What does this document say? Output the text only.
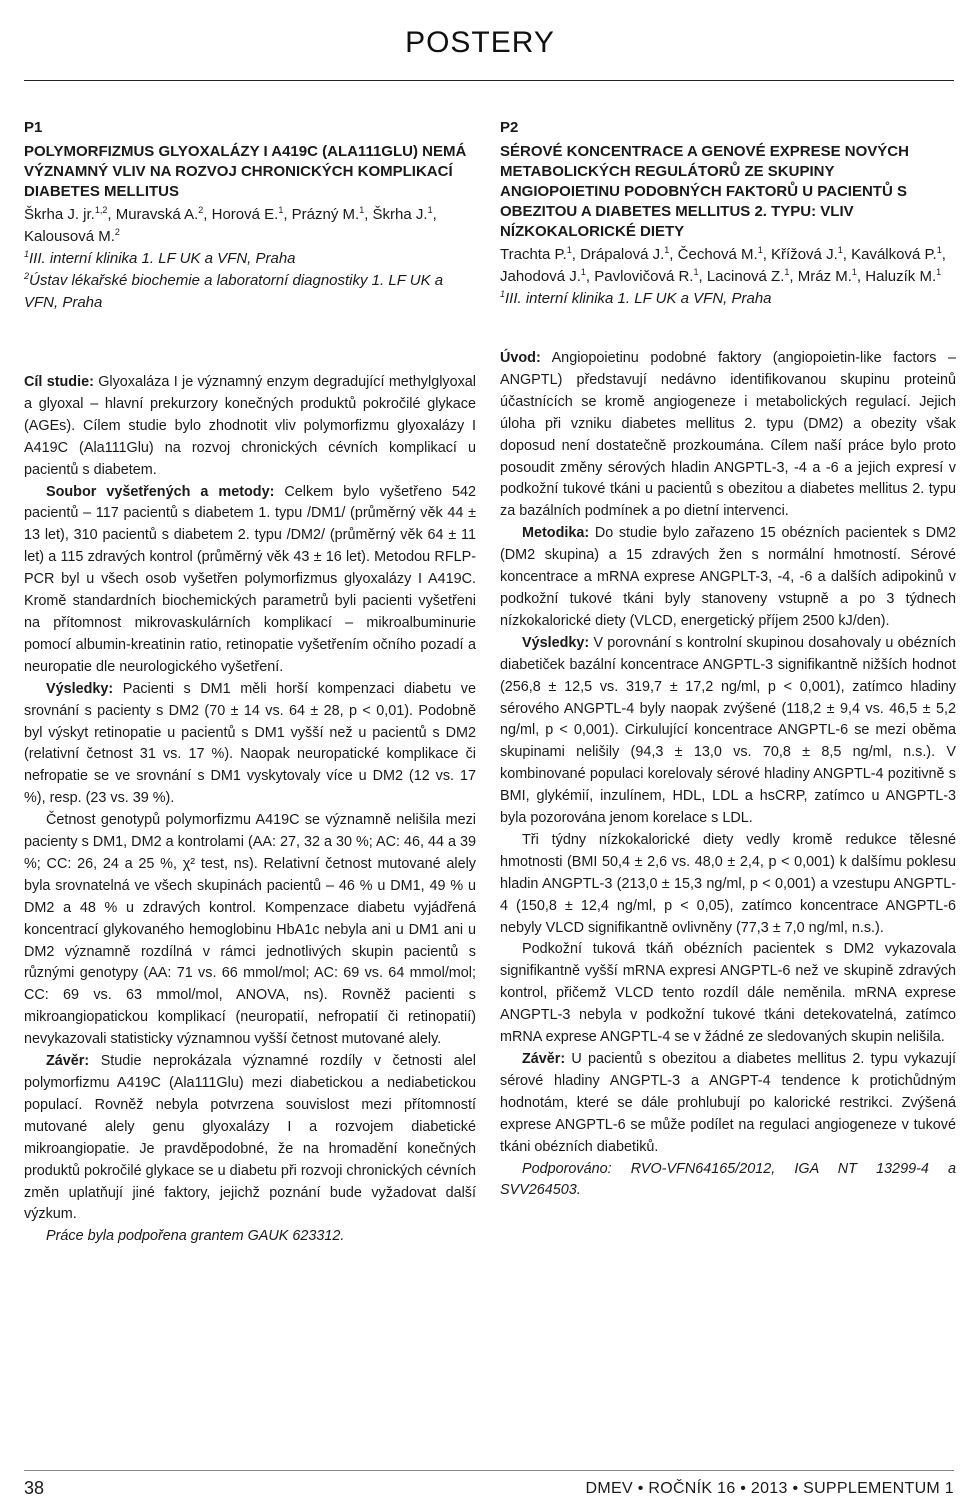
POSTERY
P1
POLYMORFIZMUS GLYOXALÁZY I A419C (ALA111GLU) NEMÁ VÝZNAMNÝ VLIV NA ROZVOJ CHRONICKÝCH KOMPLIKACÍ DIABETES MELLITUS
Škrha J. jr.$^{1,2}$, Muravská A.$^2$, Horová E.$^1$, Prázný M.$^1$, Škrha J.$^1$, Kalousová M.$^2$
$^1$III. interní klinika 1. LF UK a VFN, Praha
$^2$Ústav lékařské biochemie a laboratorní diagnostiky 1. LF UK a VFN, Praha
P2
SÉROVÉ KONCENTRACE A GENOVÉ EXPRESE NOVÝCH METABOLICKÝCH REGULÁTORŮ ZE SKUPINY ANGIOPOIETINU PODOBNÝCH FAKTORŮ U PACIENTŮ S OBEZITOU A DIABETES MELLITUS 2. TYPU: VLIV NÍZKOKALORICKÉ DIETY
Trachta P.$^1$, Drápalová J.$^1$, Čechová M.$^1$, Křížová J.$^1$, Kaválková P.$^1$, Jahodová J.$^1$, Pavlovičová R.$^1$, Lacinová Z.$^1$, Mráz M.$^1$, Haluzík M.$^1$
$^1$III. interní klinika 1. LF UK a VFN, Praha

Cíl studie: Glyoxaláza I je významný enzym degradující methylglyoxal a glyoxal – hlavní prekurzory konečných produktů pokročilé glykace (AGEs). Cílem studie bylo zhodnotit vliv polymorfizmu glyoxalázy I A419C (Ala111Glu) na rozvoj chronických cévních komplikací u pacientů s diabetem.

Soubor vyšetřených a metody: Celkem bylo vyšetřeno 542 pacientů – 117 pacientů s diabetem 1. typu /DM1/ (průměrný věk 44 ± 13 let), 310 pacientů s diabetem 2. typu /DM2/ (průměrný věk 64 ± 11 let) a 115 zdravých kontrol (průměrný věk 43 ± 16 let). Metodou RFLP-PCR byl u všech osob vyšetřen polymorfizmus glyoxalázy I A419C. Kromě standardních biochemických parametrů byli pacienti vyšetřeni na přítomnost mikrovaskulárních komplikací – mikroalbuminurie pomocí albumin-kreatinin ratio, retinopatie vyšetřením očního pozadí a neuropatie dle neurologického vyšetření.

Výsledky: Pacienti s DM1 měli horší kompenzaci diabetu ve srovnání s pacienty s DM2 (70 ± 14 vs. 64 ± 28, p < 0,01). Podobně byl výskyt retinopatie u pacientů s DM1 vyšší než u pacientů s DM2 (relativní četnost 31 vs. 17 %). Naopak neuropatické komplikace či nefropatie se ve srovnání s DM1 vyskytovaly více u DM2 (12 vs. 17 %), resp. (23 vs. 39 %).

Četnost genotypů polymorfizmu A419C se významně nelišila mezi pacienty s DM1, DM2 a kontrolami (AA: 27, 32 a 30 %; AC: 46, 44 a 39 %; CC: 26, 24 a 25 %, χ² test, ns). Relativní četnost mutované alely byla srovnatelná ve všech skupinách pacientů – 46 % u DM1, 49 % u DM2 a 48 % u zdravých kontrol. Kompenzace diabetu vyjádřená koncentrací glykovaného hemoglobinu HbA1c nebyla ani u DM1 ani u DM2 významně rozdílná v rámci jednotlivých skupin pacientů s různými genotypy (AA: 71 vs. 66 mmol/mol; AC: 69 vs. 64 mmol/mol; CC: 69 vs. 63 mmol/mol, ANOVA, ns). Rovněž pacienti s mikroangiopatickou komplikací (neuropatií, nefropatií či retinopatií) nevykazovali statisticky významnou vyšší četnost mutované alely.

Závěr: Studie neprokázala významné rozdíly v četnosti alel polymorfizmu A419C (Ala111Glu) mezi diabetickou a nediabetickou populací. Rovněž nebyla potvrzena souvislost mezi přítomností mutované alely genu glyoxalázy I a rozvojem diabetické mikroangiopatie. Je pravděpodobné, že na hromadění konečných produktů pokročilé glykace se u diabetu při rozvoji chronických cévních změn uplatňují jiné faktory, jejichž poznání bude vyžadovat další výzkum.

Práce byla podpořena grantem GAUK 623312.

Úvod: Angiopoietinu podobné faktory (angiopoietin-like factors – ANGPTL) představují nedávno identifikovanou skupinu proteinů účastnících se kromě angiogeneze i metabolických regulací. Jejich úloha při vzniku diabetes mellitus 2. typu (DM2) a obezity však doposud není dostatečně prozkoumána. Cílem naší práce bylo proto posoudit změny sérových hladin ANGPTL-3, -4 a -6 a jejich expresí v podkožní tukové tkáni u pacientů s obezitou a diabetes mellitus 2. typu za bazálních podmínek a po dietní intervenci.

Metodika: Do studie bylo zařazeno 15 obézních pacientek s DM2 (DM2 skupina) a 15 zdravých žen s normální hmotností. Sérové koncentrace a mRNA exprese ANGPLT-3, -4, -6 a dalších adipokinů v podkožní tukové tkáni byly stanoveny vstupně a po 3 týdnech nízkokalorické diety (VLCD, energetický příjem 2500 kJ/den).

Výsledky: V porovnání s kontrolní skupinou dosahovaly u obézních diabetiček bazální koncentrace ANGPTL-3 signifikantně nižších hodnot (256,8 ± 12,5 vs. 319,7 ± 17,2 ng/ml, p < 0,001), zatímco hladiny sérového ANGPTL-4 byly naopak zvýšené (118,2 ± 9,4 vs. 46,5 ± 5,2 ng/ml, p < 0,001). Cirkulující koncentrace ANGPTL-6 se mezi oběma skupinami nelišily (94,3 ± 13,0 vs. 70,8 ± 8,5 ng/ml, n.s.). V kombinované populaci korelovaly sérové hladiny ANGPTL-4 pozitivně s BMI, glykémií, inzulínem, HDL, LDL a hsCRP, zatímco u ANGPTL-3 byla pozorována jenom korelace s LDL.

Tři týdny nízkokalorické diety vedly kromě redukce tělesné hmotnosti (BMI 50,4 ± 2,6 vs. 48,0 ± 2,4, p < 0,001) k dalšímu poklesu hladin ANGPTL-3 (213,0 ± 15,3 ng/ml, p < 0,001) a vzestupu ANGPTL-4 (150,8 ± 12,4 ng/ml, p < 0,05), zatímco koncentrace ANGPTL-6 nebyly VLCD signifikantně ovlivněny (77,3 ± 7,0 ng/ml, n.s.).

Podkožní tuková tkáň obézních pacientek s DM2 vykazovala signifikantně vyšší mRNA expresi ANGPTL-6 než ve skupině zdravých kontrol, přičemž VLCD tento rozdíl dále neměnila. mRNA exprese ANGPTL-3 nebyla v podkožní tukové tkáni detekovatelná, zatímco mRNA exprese ANGPTL-4 se v žádné ze sledovaných skupin nelišila.

Závěr: U pacientů s obezitou a diabetes mellitus 2. typu vykazují sérové hladiny ANGPTL-3 a ANGPT-4 tendence k protichůdným hodnotám, které se dále prohlubují po kalorické restrikci. Zvýšená exprese ANGPTL-6 se může podílet na regulaci angiogeneze v tukové tkáni obézních diabetiků.

Podporováno: RVO-VFN64165/2012, IGA NT 13299-4 a SVV264503.

38	DMEV • ROČNÍK 16 • 2013 • SUPPLEMENTUM 1
